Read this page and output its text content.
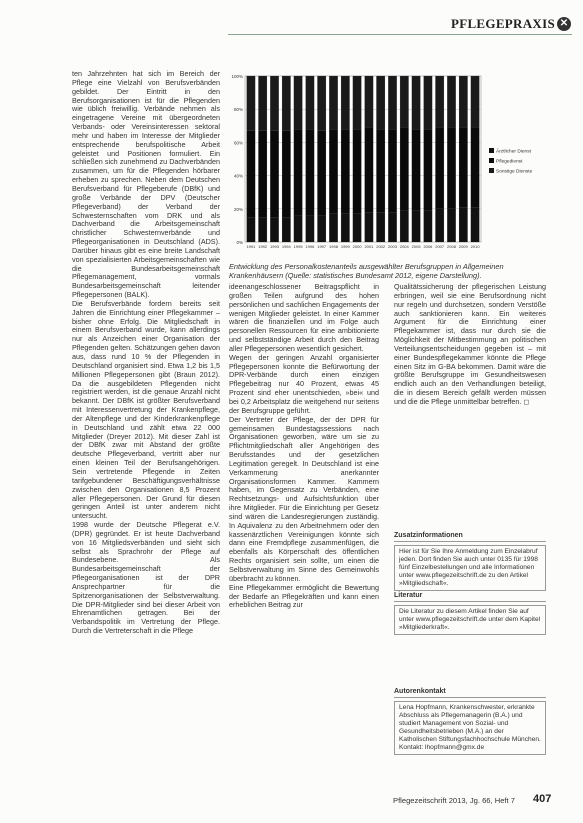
PFLEGEPRAXIS ✕

ten Jahrzehnten hat sich im Bereich der Pflege eine Vielzahl von Berufsverbänden gebildet. Der Eintritt in den Berufsorganisationen ist für die Pflegenden wie üblich freiwillig. Verbände nehmen als eingetragene Vereine mit übergeordneten Verbands- oder Vereinsinteressen sektoral mehr und haben im Interesse der Mitglieder entsprechende berufspolitische Arbeit geleistet und Positionen formuliert. Ein schließen sich zunehmend zu Dachverbänden zusammen, um für die Pflegenden hörbarer erheben zu sprechen. Neben dem Deutschen Berufsverband für Pflegeberufe (DBfK) und große Verbände der DPV (Deutscher Pflegeverband) der Verband der Schwesternschaften vom DRK und als Dachverband die Arbeitsgemeinschaft christlicher Schwesternverbände und Pflegeorganisationen in Deutschland (ADS). Darüber hinaus gibt es eine breite Landschaft von spezialisierten Arbeitsgemeinschaften wie die Bundesarbeitsgemeinschaft Pflegemanagement, vormals Bundesarbeitsgemeinschaft leitender Pflegepersonen (BALK).

Die Berufsverbände fordern bereits seit Jahren die Einrichtung einer Pflegekammer – bisher ohne Erfolg. Die Mitgliedschaft in einem Berufsverband wurde, kann allerdings nur als Anzeichen einer Organisation der Pflegenden gelten. Schätzungen gehen davon aus, dass rund 10 % der Pflegenden in Deutschland organisiert sind. Etwa 1,2 bis 1,5 Millionen Pflegepersonen gibt (Braun 2012). Da die ausgebildeten Pflegenden nicht registriert werden, ist die genaue Anzahl nicht bekannt. Der DBfK ist größter Berufsverband mit Interessenvertretung der Krankenpflege, der Altenpflege und der Kinderkrankenpflege in Deutschland und zählt etwa 22 000 Mitglieder (Dreyer 2012). Mit dieser Zahl ist der DBfK zwar mit Abstand der größte deutsche Pflegeverband, vertritt aber nur einen kleinen Teil der Berufsangehörigen. Sein vertretende Pflegende in Zeiten tarifgebundener Beschäftigungsverhältnisse zwischen den Organisationen 8,5 Prozent aller Pflegepersonen. Der Grund für diesen geringen Anteil ist unter anderem nicht untersucht.

1998 wurde der Deutsche Pflegerat e.V. (DPR) gegründet. Er ist heute Dachverband von 16 Mitgliedsverbänden und sieht sich selbst als Sprachrohr der Pflege auf Bundesebene. Als Bundesarbeitsgemeinschaft der Pflegeorganisationen ist der DPR Ansprechpartner für die Spitzenorganisationen der Selbstverwaltung. Die DPR-Mitglieder sind bei dieser Arbeit von Ehrenamtlichen getragen. Bei der Verbandspolitik im Vertretung der Pflege. Durch die Vertreterschaft in die Pflege

100%
80%
60%
40%
20%
0%
1991 1992 1993 1994 1995 1996 1997 1998 1999 2000 2001 2002 2003 2004 2005 2006 2007 2008 2009 2010
Ärztlicher Dienst
Pflegedienst
Sonstige Dienste
Entwicklung des Personalkostenanteils ausgewählter Berufsgruppen in Allgemeinen Krankenhäusern (Quelle: statistisches Bundesamt 2012, eigene Darstellung).

ideenangeschlossener Beitragspflicht in großen Teilen aufgrund des hohen persönlichen und sachlichen Engagements der wenigen Mitglieder geleistet. In einer Kammer wären die finanziellen und im Folge auch personellen Ressourcen für eine ambitionierte und selbstständige Arbeit durch den Beitrag aller Pflegepersonen wesentlich gesichert.

Wegen der geringen Anzahl organisierter Pflegepersonen konnte die Befürwortung der DPR-Verbände durch einen einzigen Pflegebeitrag nur 40 Prozent, etwas 45 Prozent sind eher unentschieden, »bei« und bei 0,2 Arbeitsplatz die weitgehend nur seitens der Berufsgruppe geführt.

Der Vertreter der Pflege, der der DPR für gemeinsamen Bundestagssessions nach Organisationen geworben, wäre um sie zu Pflichtmitgliedschaft aller Angehörigen des Berufsstandes und der gesetzlichen Legitimation geregelt. In Deutschland ist eine Verkammerung anerkannter Organisationsformen Kammer. Kammern haben, im Gegensatz zu Verbänden, eine Rechtsetzungs- und Aufsichtsfunktion über ihre Mitglieder. Für die Einrichtung per Gesetz sind wären die Landesregierungen zuständig. In Aquivalenz zu den Arbeitnehmern oder den kassenärztlichen Vereinigungen könnte sich dann eine Fremdpflege zusammenfügen, die ebenfalls als Körperschaft des öffentlichen Rechts organisiert sein sollte, um einen die Selbstverwaltung im Sinne des Gemeinwohls überbracht zu können.

Eine Pflegekammer ermöglicht die Bewertung der Bedarfe an Pflegekräften und kann einen erheblichen Beitrag zur

Qualitätssicherung der pflegerischen Leistung erbringen, weil sie eine Berufsordnung nicht nur regeln und durchsetzen, sondern Verstöße auch sanktionieren kann. Ein weiteres Argument für die Einrichtung einer Pflegekammer ist, dass nur durch sie die Möglichkeit der Mitbestimmung an politischen Verteilungsentscheidungen gegeben ist – mit einer Bundespflegekammer könnte die Pflege einen Sitz im G-BA bekommen. Damit wäre die größte Berufsgruppe im Gesundheitswesen endlich auch an den Verhandlungen beteiligt, die in diesem Bereich gefällt werden müssen und die die Pflege unmittelbar betreffen. ◻

Zusatzinformationen
Hier ist für Sie Ihre Anmeldung zum Einzelabruf jeden. Dort finden Sie auch unter 0135 für 1998 fünf Einzelbestellungen und alle Informationen unter www.pflegezeitschrift.de zu den Artikel »Mitgliedschaft«.
Literatur
Die Literatur zu diesem Artikel finden Sie auf unter www.pflegezeitschrift.de unter dem Kapitel »Mitgliederkraft«.
Autorenkontakt
Lena Hopfmann, Krankenschwester, erkrankte Abschluss als Pflegemanagerin (B.A.) und studiert Management von Sozial- und Gesundheitsbetrieben (M.A.) an der Katholischen Stiftungsfachhochschule München. Kontakt: lhopfmann@gmx.de
Pflegezeitschrift 2013, Jg. 66, Heft 7 407
